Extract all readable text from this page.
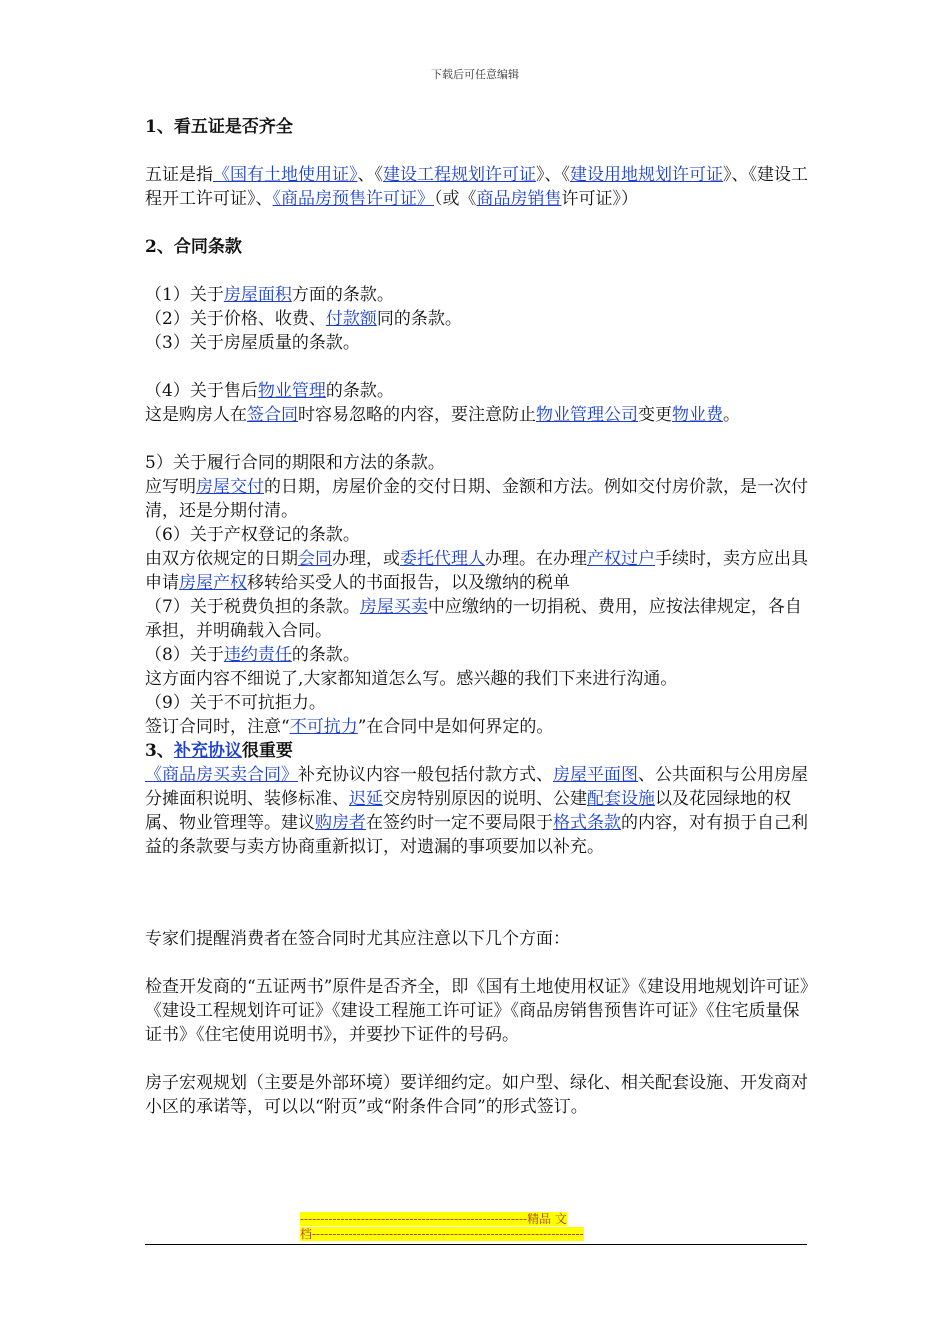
下载后可任意编辑

1、看五证是否齐全

五证是指《国有土地使用证》、《建设工程规划许可证》、《建设用地规划许可证》、《建设工程开工许可证》、《商品房预售许可证》（或《商品房销售许可证》）

2、合同条款

（1）关于房屋面积方面的条款。

（2）关于价格、收费、付款额同的条款。

（3）关于房屋质量的条款。

（4）关于售后物业管理的条款。

这是购房人在签合同时容易忽略的内容，要注意防止物业管理公司变更物业费。

5）关于履行合同的期限和方法的条款。

应写明房屋交付的日期，房屋价金的交付日期、金额和方法。例如交付房价款，是一次付清，还是分期付清。

（6）关于产权登记的条款。

由双方依规定的日期会同办理，或委托代理人办理。在办理产权过户手续时，卖方应出具申请房屋产权移转给买受人的书面报告，以及缴纳的税单

（7）关于税费负担的条款。房屋买卖中应缴纳的一切捐税、费用，应按法律规定，各自承担，并明确载入合同。

（8）关于违约责任的条款。

这方面内容不细说了,大家都知道怎么写。感兴趣的我们下来进行沟通。

（9）关于不可抗拒力。

签订合同时，注意“不可抗力”在合同中是如何界定的。

3、补充协议很重要

《商品房买卖合同》补充协议内容一般包括付款方式、房屋平面图、公共面积与公用房屋分摊面积说明、装修标准、迟延交房特别原因的说明、公建配套设施以及花园绿地的权属、物业管理等。建议购房者在签约时一定不要局限于格式条款的内容，对有损于自己利益的条款要与卖方协商重新拟订，对遗漏的事项要加以补充。

专家们提醒消费者在签合同时尤其应注意以下几个方面：

检查开发商的“五证两书”原件是否齐全，即《国有土地使用权证》《建设用地规划许可证》《建设工程规划许可证》《建设工程施工许可证》《商品房销售预售许可证》《住宅质量保证书》《住宅使用说明书》，并要抄下证件的号码。

房子宏观规划（主要是外部环境）要详细约定。如户型、绿化、相关配套设施、开发商对小区的承诺等，可以以“附页”或“附条件合同”的形式签订。

--------------------------------------------------------精品 文
档-------------------------------------------------------------------
